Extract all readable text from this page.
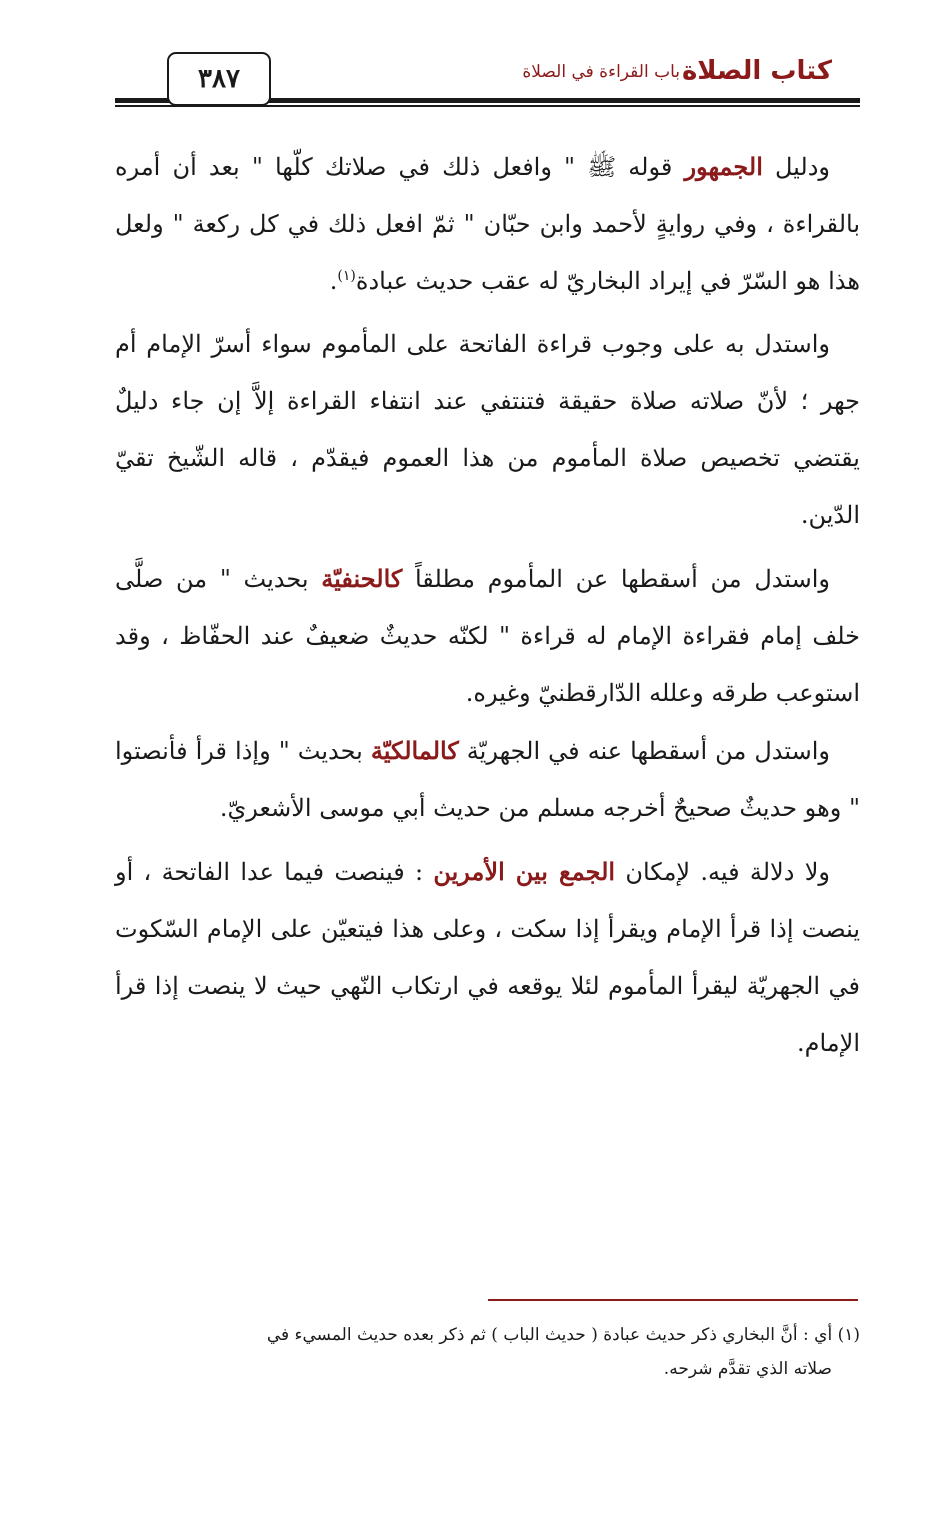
كتاب الصلاة
باب القراءة في الصلاة
٣٨٧

ودليل الجمهور قوله ﷺ " وافعل ذلك في صلاتك كلّها " بعد أن أمره بالقراءة ، وفي روايةٍ لأحمد وابن حبّان " ثمّ افعل ذلك في كل ركعة " ولعل هذا هو السّرّ في إيراد البخاريّ له عقب حديث عبادة$^{(١)}$.

واستدل به على وجوب قراءة الفاتحة على المأموم سواء أسرّ الإمام أم جهر ؛ لأنّ صلاته صلاة حقيقة فتنتفي عند انتفاء القراءة إلاَّ إن جاء دليلٌ يقتضي تخصيص صلاة المأموم من هذا العموم فيقدّم ، قاله الشّيخ تقيّ الدّين.

واستدل من أسقطها عن المأموم مطلقاً كالحنفيّة بحديث " من صلَّى خلف إمام فقراءة الإمام له قراءة " لكنّه حديثٌ ضعيفٌ عند الحفّاظ ، وقد استوعب طرقه وعلله الدّارقطنيّ وغيره.

واستدل من أسقطها عنه في الجهريّة كالمالكيّة بحديث " وإذا قرأ فأنصتوا " وهو حديثٌ صحيحٌ أخرجه مسلم من حديث أبي موسى الأشعريّ.

ولا دلالة فيه. لإمكان الجمع بين الأمرين : فينصت فيما عدا الفاتحة ، أو ينصت إذا قرأ الإمام ويقرأ إذا سكت ، وعلى هذا فيتعيّن على الإمام السّكوت في الجهريّة ليقرأ المأموم لئلا يوقعه في ارتكاب النّهي حيث لا ينصت إذا قرأ الإمام.

(١) أي : أنَّ البخاري ذكر حديث عبادة ( حديث الباب ) ثم ذكر بعده حديث المسيء في
صلاته الذي تقدَّم شرحه.
